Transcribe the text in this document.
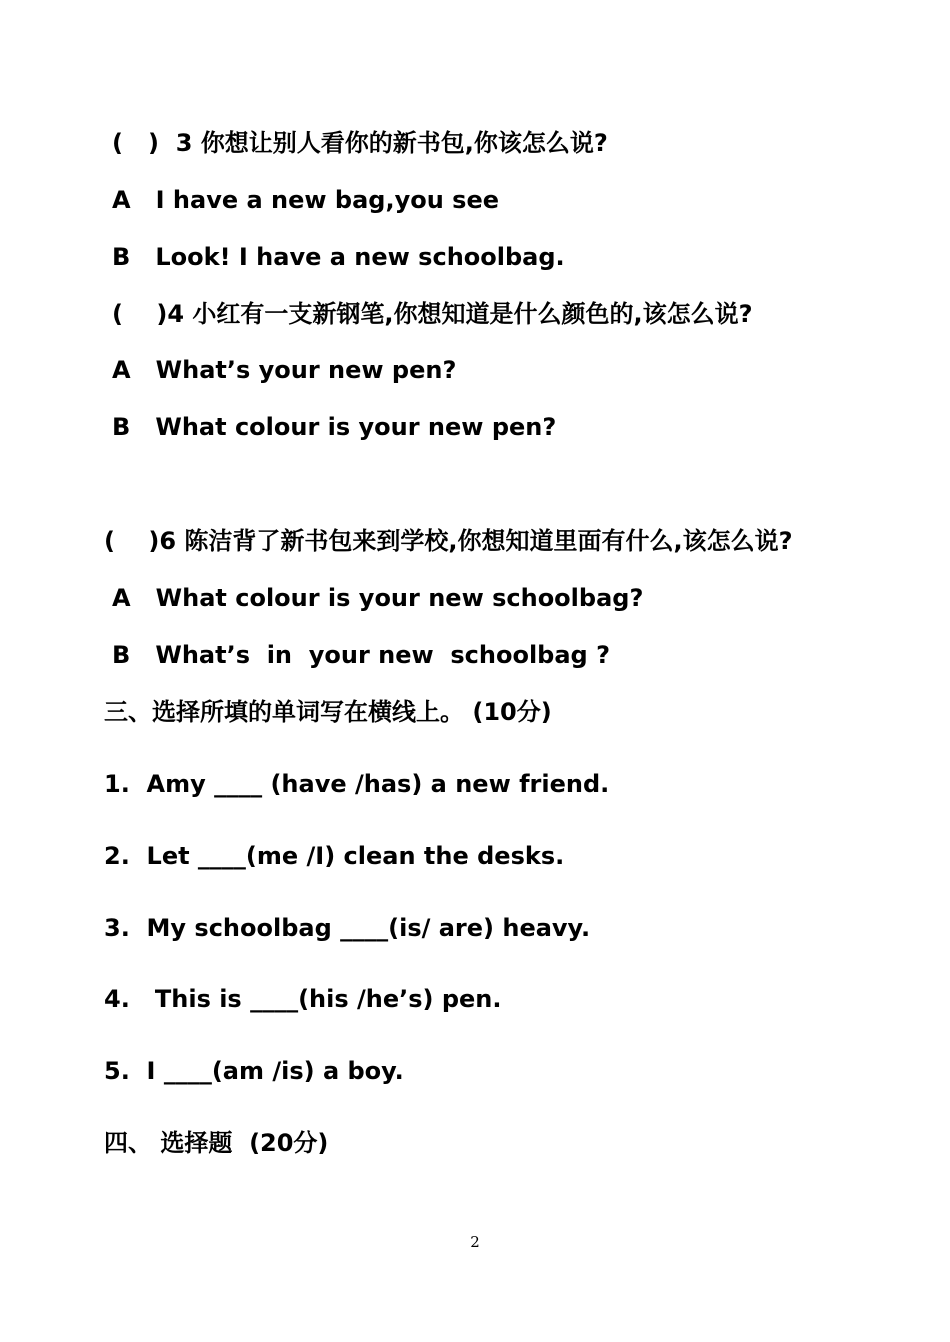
(   )  3 你想让别人看你的新书包,你该怎么说?
A   I have a new bag,you see
B   Look! I have a new schoolbag.
(    )4 小红有一支新钢笔,你想知道是什么颜色的,该怎么说?
A   What’s your new pen?
B   What colour is your new pen?
(    )6 陈洁背了新书包来到学校,你想知道里面有什么,该怎么说?
A   What colour is your new schoolbag?
B   What’s  in  your new  schoolbag ?
三、选择所填的单词写在横线上。 (10分)
1.  Amy ____ (have /has) a new friend.
2.  Let ____(me /I) clean the desks.
3.  My schoolbag ____(is/ are) heavy.
4.   This is ____(his /he’s) pen.
5.  I ____(am /is) a boy.
四、 选择题  (20分)
2
